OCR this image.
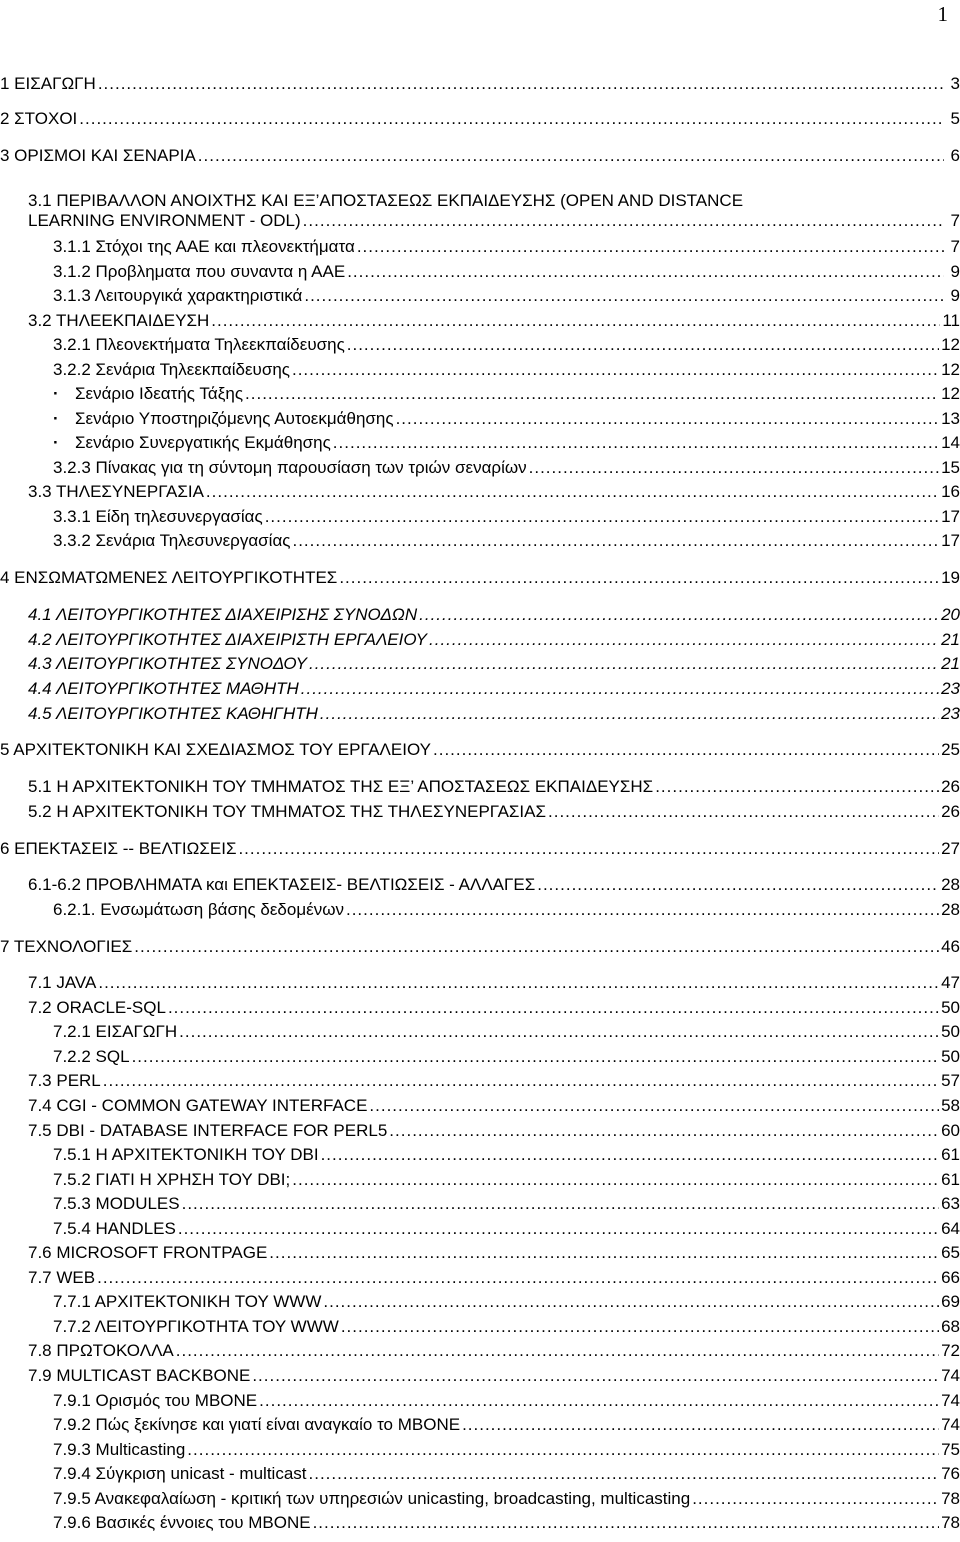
1
1 ΕΙΣΑΓΩΓΗ .....	3
2 ΣΤΟΧΟΙ .....	5
3 ΟΡΙΣΜΟΙ ΚΑΙ ΣΕΝΑΡΙΑ .....	6
3.1 ΠΕΡΙΒΑΛΛΟΝ ΑΝΟΙΧΤΗΣ ΚΑΙ ΕΞ’ΑΠΟΣΤΑΣΕΩΣ ΕΚΠΑΙΔΕΥΣΗΣ (OPEN AND DISTANCE
LEARNING ENVIRONMENT - ODL) .....	7
3.1.1 Στόχοι της ΑΑΕ και πλεονεκτήματα .....	7
3.1.2 Προβληματα που συναντα η ΑΑΕ .....	9
3.1.3 Λειτουργικά χαρακτηριστικά .....	9
3.2 ΤΗΛΕΕΚΠΑΙΔΕΥΣΗ .....	11
3.2.1 Πλεονεκτήματα Τηλεεκπαίδευσης .....	12
3.2.2 Σενάρια Τηλεεκπαίδευσης .....	12
· Σενάριο Ιδεατής Τάξης .....	12
· Σενάριο Υποστηριζόμενης Αυτοεκμάθησης .....	13
· Σενάριο Συνεργατικής Εκμάθησης .....	14
3.2.3 Πίνακας για τη σύντομη παρουσίαση των τριών σεναρίων .....	15
3.3 ΤΗΛΕΣΥΝΕΡΓΑΣΙΑ .....	16
3.3.1 Είδη τηλεσυνεργασίας .....	17
3.3.2 Σενάρια Τηλεσυνεργασίας .....	17
4 ΕΝΣΩΜΑΤΩΜΕΝΕΣ ΛΕΙΤΟΥΡΓΙΚΟΤΗΤΕΣ .....	19
4.1 ΛΕΙΤΟΥΡΓΙΚΟΤΗΤΕΣ ΔΙΑΧΕΙΡΙΣΗΣ ΣΥΝΟΔΩΝ .....	20
4.2 ΛΕΙΤΟΥΡΓΙΚΟΤΗΤΕΣ ΔΙΑΧΕΙΡΙΣΤΗ ΕΡΓΑΛΕΙΟΥ .....	21
4.3 ΛΕΙΤΟΥΡΓΙΚΟΤΗΤΕΣ ΣΥΝΟΔΟΥ .....	21
4.4 ΛΕΙΤΟΥΡΓΙΚΟΤΗΤΕΣ ΜΑΘΗΤΗ .....	23
4.5 ΛΕΙΤΟΥΡΓΙΚΟΤΗΤΕΣ ΚΑΘΗΓΗΤΗ .....	23
5 ΑΡΧΙΤΕΚΤΟΝΙΚΗ ΚΑΙ ΣΧΕΔΙΑΣΜΟΣ ΤΟΥ ΕΡΓΑΛΕΙΟΥ .....	25
5.1 Η ΑΡΧΙΤΕΚΤΟΝΙΚΗ ΤΟΥ ΤΜΗΜΑΤΟΣ ΤΗΣ ΕΞ’ ΑΠΟΣΤΑΣΕΩΣ ΕΚΠΑΙΔΕΥΣΗΣ .....	26
5.2 Η ΑΡΧΙΤΕΚΤΟΝΙΚΗ ΤΟΥ ΤΜΗΜΑΤΟΣ ΤΗΣ ΤΗΛΕΣΥΝΕΡΓΑΣΙΑΣ .....	26
6 ΕΠΕΚΤΑΣΕΙΣ -- ΒΕΛΤΙΩΣΕΙΣ .....	27
6.1-6.2 ΠΡΟΒΛΗΜΑΤΑ και ΕΠΕΚΤΑΣΕΙΣ- ΒΕΛΤΙΩΣΕΙΣ - ΑΛΛΑΓΕΣ .....	28
6.2.1. Ενσωμάτωση βάσης δεδομένων .....	28
7 ΤΕΧΝΟΛΟΓΙΕΣ .....	46
7.1 JAVA .....	47
7.2 ORACLE-SQL .....	50
7.2.1 ΕΙΣΑΓΩΓΗ .....	50
7.2.2 SQL .....	50
7.3 PERL .....	57
7.4 CGI - COMMON GATEWAY INTERFACE .....	58
7.5 DBI - DATABASE INTERFACE FOR PERL5 .....	60
7.5.1 Η ΑΡΧΙΤΕΚΤΟΝΙΚΗ ΤΟΥ DBI .....	61
7.5.2 ΓΙΑΤΙ Η ΧΡΗΣΗ ΤΟΥ DBI; .....	61
7.5.3 MODULES .....	63
7.5.4 HANDLES .....	64
7.6 MICROSOFT FRONTPAGE .....	65
7.7 WEB .....	66
7.7.1 ΑΡΧΙΤΕΚΤΟΝΙΚΗ ΤΟΥ WWW .....	69
7.7.2 ΛΕΙΤΟΥΡΓΙΚΟΤΗΤΑ ΤΟΥ WWW .....	68
7.8 ΠΡΩΤΟΚΟΛΛΑ .....	72
7.9 MULTICAST BACKBONE .....	74
7.9.1 Ορισμός του MBONE .....	74
7.9.2 Πώς ξεκίνησε και γιατί είναι αναγκαίο το MBONE .....	74
7.9.3 Multicasting .....	75
7.9.4 Σύγκριση unicast - multicast .....	76
7.9.5 Ανακεφαλαίωση - κριτική των υπηρεσιών unicasting, broadcasting, multicasting .....	78
7.9.6 Βασικές έννοιες του MBONE .....	78
